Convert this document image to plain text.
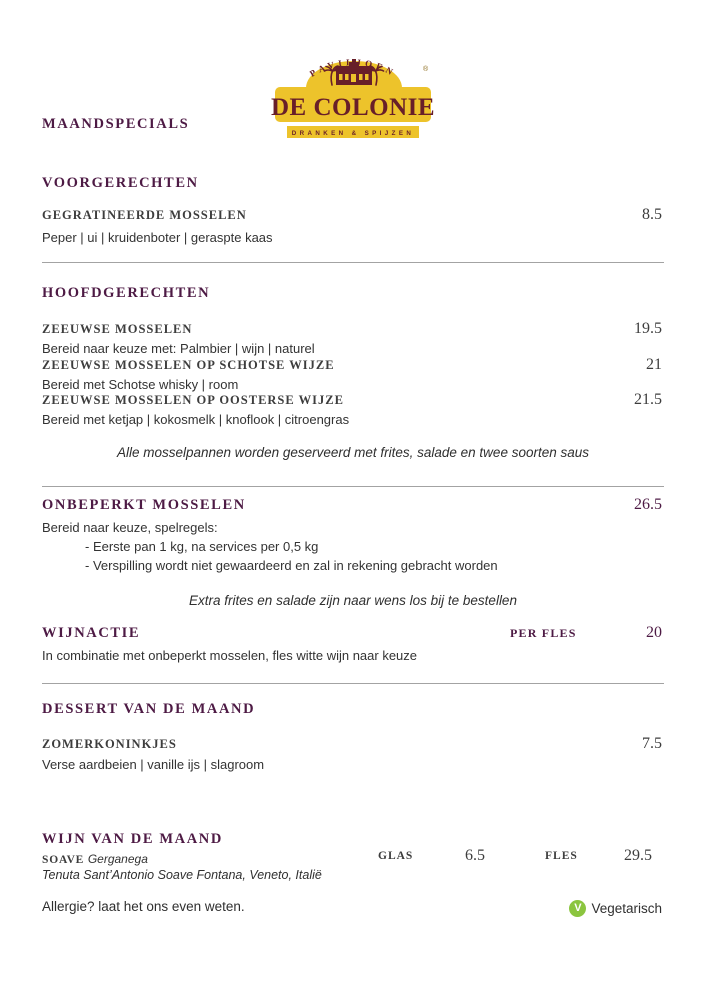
PAVILJOEN
DE COLONIE
DRANKEN & SPIJZEN
®
MAANDSPECIALS
VOORGERECHTEN
GEGRATINEERDE MOSSELEN	8.5
Peper | ui | kruidenboter | geraspte kaas
HOOFDGERECHTEN
ZEEUWSE MOSSELEN	19.5
Bereid naar keuze met: Palmbier | wijn | naturel
ZEEUWSE MOSSELEN OP SCHOTSE WIJZE	21
Bereid met Schotse whisky | room
ZEEUWSE MOSSELEN OP OOSTERSE WIJZE	21.5
Bereid met ketjap | kokosmelk | knoflook | citroengras
Alle mosselpannen worden geserveerd met frites, salade en twee soorten saus
ONBEPERKT MOSSELEN	26.5
Bereid naar keuze, spelregels:
- Eerste pan 1 kg, na services per 0,5 kg
- Verspilling wordt niet gewaardeerd en zal in rekening gebracht worden
Extra frites en salade zijn naar wens los bij te bestellen
WIJNACTIE	PER FLES	20
In combinatie met onbeperkt mosselen, fles witte wijn naar keuze
DESSERT VAN DE MAAND
ZOMERKONINKJES	7.5
Verse aardbeien | vanille ijs | slagroom
WIJN VAN DE MAAND
SOAVE Gerganega	GLAS	6.5	FLES	29.5
Tenuta Sant’Antonio Soave Fontana, Veneto, Italië
Allergie? laat het ons even weten.	V Vegetarisch
